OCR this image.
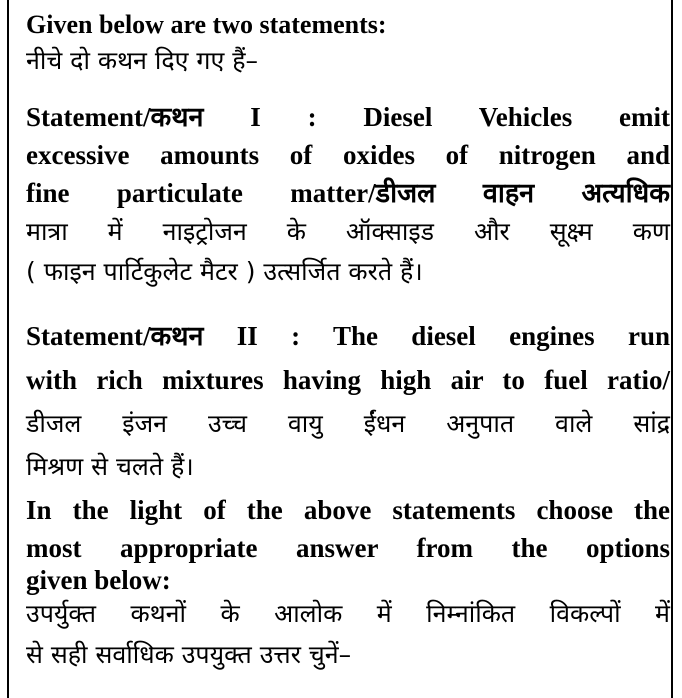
Given below are two statements:
नीचे दो कथन दिए गए हैं–
Statement/कथन I : Diesel Vehicles emit
excessive amounts of oxides of nitrogen and
fine particulate matter/डीजल वाहन अत्यधिक
मात्रा में नाइट्रोजन के ऑक्साइड और सूक्ष्म कण
( फाइन पार्टिकुलेट मैटर ) उत्सर्जित करते हैं।
Statement/कथन II : The diesel engines run
with rich mixtures having high air to fuel ratio/
डीजल इंजन उच्च वायु ईंधन अनुपात वाले सांद्र
मिश्रण से चलते हैं।
In the light of the above statements choose the
most appropriate answer from the options
given below:
उपर्युक्त कथनों के आलोक में निम्नांकित विकल्पों में
से सही सर्वाधिक उपयुक्त उत्तर चुनें–
